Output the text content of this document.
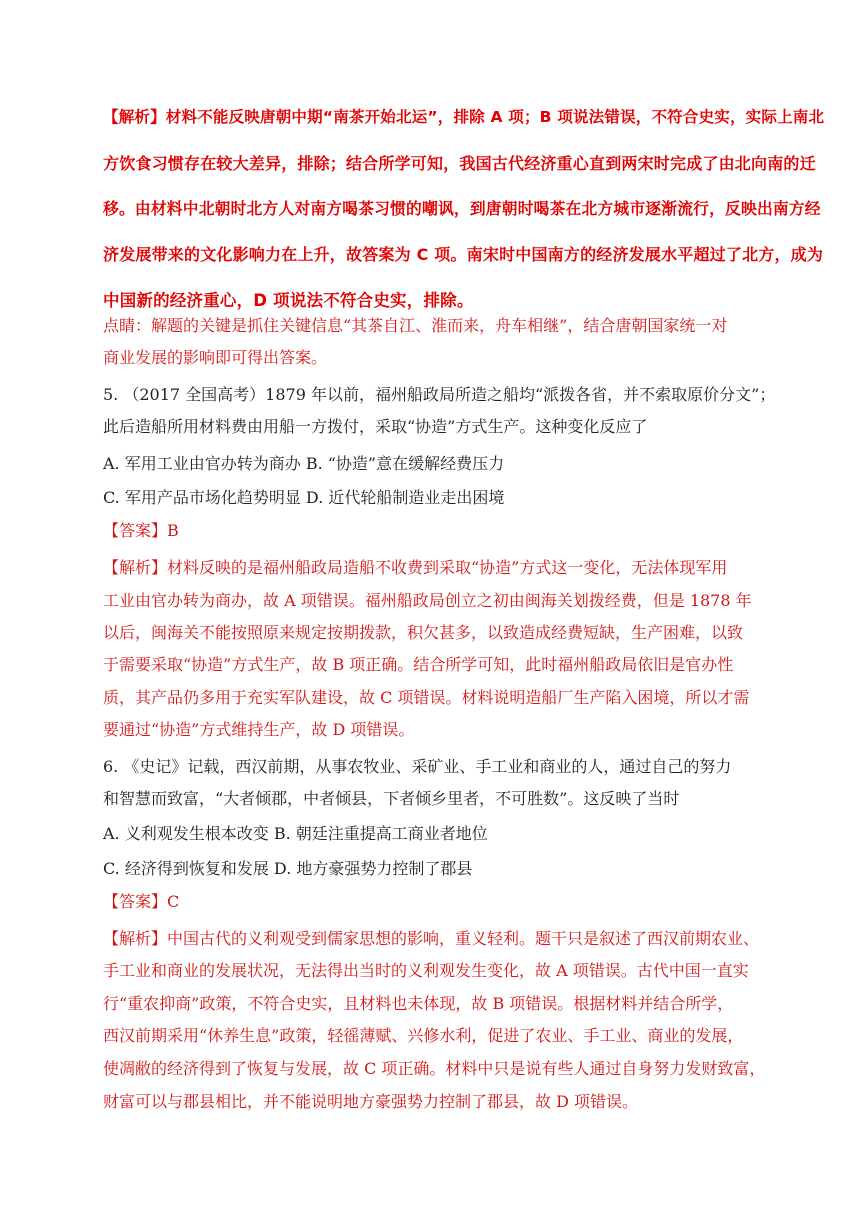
【解析】材料不能反映唐朝中期“南茶开始北运”，排除 A 项；B 项说法错误，不符合史实，实际上南北
方饮食习惯存在较大差异，排除；结合所学可知，我国古代经济重心直到两宋时完成了由北向南的迁
移。由材料中北朝时北方人对南方喝茶习惯的嘲讽，到唐朝时喝茶在北方城市逐渐流行，反映出南方经
济发展带来的文化影响力在上升，故答案为 C 项。南宋时中国南方的经济发展水平超过了北方，成为
中国新的经济重心，D 项说法不符合史实，排除。
点睛：解题的关键是抓住关键信息“其茶自江、淮而来，舟车相继”，结合唐朝国家统一对
商业发展的影响即可得出答案。
5. （2017 全国高考）1879 年以前，福州船政局所造之船均“派拨各省，并不索取原价分文”；
此后造船所用材料费由用船一方拨付，采取“协造”方式生产。这种变化反应了
A. 军用工业由官办转为商办 B. “协造”意在缓解经费压力
C. 军用产品市场化趋势明显 D. 近代轮船制造业走出困境
【答案】B
【解析】材料反映的是福州船政局造船不收费到采取“协造”方式这一变化，无法体现军用
工业由官办转为商办，故 A 项错误。福州船政局创立之初由闽海关划拨经费，但是 1878 年
以后，闽海关不能按照原来规定按期拨款，积欠甚多，以致造成经费短缺，生产困难，以致
于需要采取“协造”方式生产，故 B 项正确。结合所学可知，此时福州船政局依旧是官办性
质，其产品仍多用于充实军队建设，故 C 项错误。材料说明造船厂生产陷入困境，所以才需
要通过“协造”方式维持生产，故 D 项错误。
6. 《史记》记载，西汉前期，从事农牧业、采矿业、手工业和商业的人，通过自己的努力
和智慧而致富，“大者倾郡，中者倾县，下者倾乡里者，不可胜数”。这反映了当时
A. 义利观发生根本改变 B. 朝廷注重提高工商业者地位
C. 经济得到恢复和发展 D. 地方豪强势力控制了郡县
【答案】C
【解析】中国古代的义利观受到儒家思想的影响，重义轻利。题干只是叙述了西汉前期农业、
手工业和商业的发展状况，无法得出当时的义利观发生变化，故 A 项错误。古代中国一直实
行“重农抑商”政策，不符合史实，且材料也未体现，故 B 项错误。根据材料并结合所学，
西汉前期采用“休养生息”政策，轻徭薄赋、兴修水利，促进了农业、手工业、商业的发展，
使凋敝的经济得到了恢复与发展，故 C 项正确。材料中只是说有些人通过自身努力发财致富，
财富可以与郡县相比，并不能说明地方豪强势力控制了郡县，故 D 项错误。
